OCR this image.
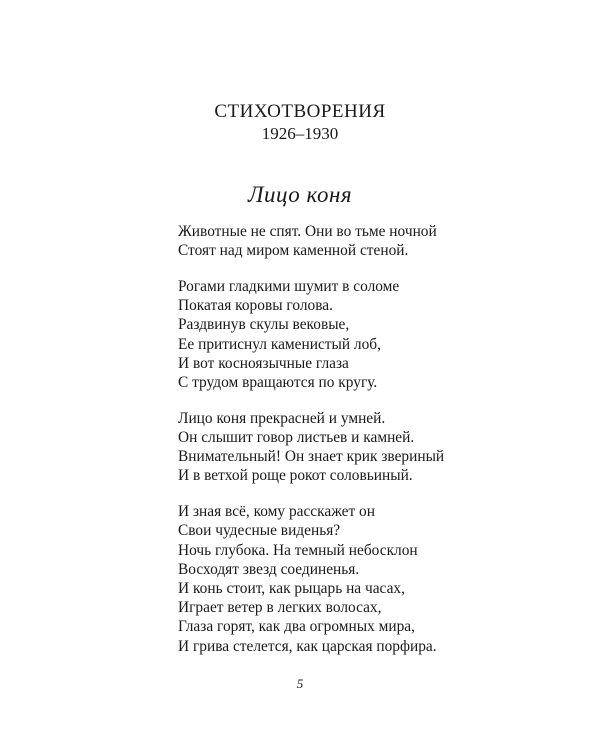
СТИХОТВОРЕНИЯ
1926–1930
Лицо коня
Животные не спят. Они во тьме ночной
Стоят над миром каменной стеной.
Рогами гладкими шумит в соломе
Покатая коровы голова.
Раздвинув скулы вековые,
Ее притиснул каменистый лоб,
И вот косноязычные глаза
С трудом вращаются по кругу.
Лицо коня прекрасней и умней.
Он слышит говор листьев и камней.
Внимательный! Он знает крик звериный
И в ветхой роще рокот соловьиный.
И зная всё, кому расскажет он
Свои чудесные виденья?
Ночь глубока. На темный небосклон
Восходят звезд соединенья.
И конь стоит, как рыцарь на часах,
Играет ветер в легких волосах,
Глаза горят, как два огромных мира,
И грива стелется, как царская порфира.
5
